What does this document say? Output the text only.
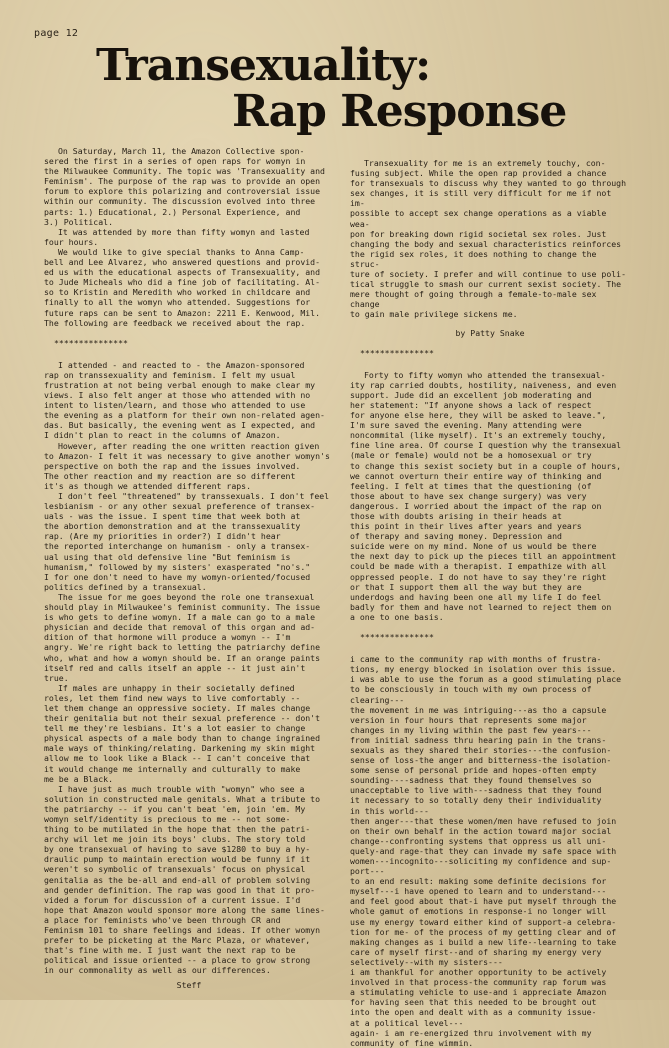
page 12
Transexuality:
Rap Response

On Saturday, March 11, the Amazon Collective spon-
sered the first in a series of open raps for womyn in
the Milwaukee Community. The topic was 'Transexuality and
Feminism'. The purpose of the rap was to provide an open
forum to explore this polarizing and controversial issue
within our community. The discussion evolved into three
parts: 1.) Educational, 2.) Personal Experience, and
3.) Political.

It was attended by more than fifty womyn and lasted
four hours.

We would like to give special thanks to Anna Camp-
bell and Lee Alvarez, who answered questions and provid-
ed us with the educational aspects of Transexuality, and
to Jude Micheals who did a fine job of facilitating. Al-
so to Kristin and Meredith who worked in childcare and
finally to all the womyn who attended. Suggestions for
future raps can be sent to Amazon: 2211 E. Kenwood, Mil.
The following are feedback we received about the rap.

***************

I attended - and reacted to - the Amazon-sponsored
rap on transsexuality and feminism. I felt my usual
frustration at not being verbal enough to make clear my
views. I also felt anger at those who attended with no
intent to listen/learn, and those who attended to use
the evening as a platform for their own non-related agen-
das. But basically, the evening went as I expected, and
I didn't plan to react in the columns of Amazon.

However, after reading the one written reaction given
to Amazon- I felt it was necessary to give another womyn's
perspective on both the rap and the issues involved.
The other reaction and my reaction are so different
it's as though we attended different raps.

I don't feel "threatened" by transsexuals. I don't feel
lesbianism - or any other sexual preference of transex-
uals - was the issue. I spent time that week both at
the abortion demonstration and at the transsexuality
rap. (Are my priorities in order?) I didn't hear
the reported interchange on humanism - only a transex-
ual using that old defensive line "But feminism is
humanism," followed by my sisters' exasperated "no's."
I for one don't need to have my womyn-oriented/focused
politics defined by a transexual.

The issue for me goes beyond the role one transexual
should play in Milwaukee's feminist community. The issue
is who gets to define womyn. If a male can go to a male
physician and decide that removal of this organ and ad-
dition of that hormone will produce a womyn -- I'm
angry. We're right back to letting the patriarchy define
who, what and how a womyn should be. If an orange paints
itself red and calls itself an apple -- it just ain't
true.

If males are unhappy in their societally defined
roles, let them find new ways to live comfortably --
let them change an oppressive society. If males change
their genitalia but not their sexual preference -- don't
tell me they're lesbians. It's a lot easier to change
physical aspects of a male body than to change ingrained
male ways of thinking/relating. Darkening my skin might
allow me to look like a Black -- I can't conceive that
it would change me internally and culturally to make
me be a Black.

I have just as much trouble with "womyn" who see a
solution in constructed male genitals. What a tribute to
the patriarchy -- if you can't beat 'em, join 'em. My
womyn self/identity is precious to me -- not some-
thing to be mutilated in the hope that then the patri-
archy wil let me join its boys' clubs. The story told
by one transexual of having to save $1280 to buy a hy-
draulic pump to maintain erection would be funny if it
weren't so symbolic of transexuals' focus on physical
genitalia as the be-all and end-all of problem solving
and gender definition. The rap was good in that it pro-
vided a forum for discussion of a current issue. I'd
hope that Amazon would sponsor more along the same lines-
a place for feminists who've been through CR and
Feminism 101 to share feelings and ideas. If other womyn
prefer to be picketing at the Marc Plaza, or whatever,
that's fine with me. I just want the next rap to be
political and issue oriented -- a place to grow strong
in our commonality as well as our differences.

Steff

Transexuality for me is an extremely touchy, con-
fusing subject. While the open rap provided a chance
for transexuals to discuss why they wanted to go through
sex changes, it is still very difficult for me if not im-
possible to accept sex change operations as a viable wea-
pon for breaking down rigid societal sex roles. Just
changing the body and sexual characteristics reinforces
the rigid sex roles, it does nothing to change the struc-
ture of society. I prefer and will continue to use poli-
tical struggle to smash our current sexist society. The
mere thought of going through a female-to-male sex change
to gain male privilege sickens me.

by Patty Snake
***************

Forty to fifty womyn who attended the transexual-
ity rap carried doubts, hostility, naiveness, and even
support. Jude did an excellent job moderating and
her statement: "If anyone shows a lack of respect
for anyone else here, they will be asked to leave.",
I'm sure saved the evening. Many attending were
noncommital (like myself). It's an extremely touchy,
fine line area. Of course I question why the transexual
(male or female) would not be a homosexual or try
to change this sexist society but in a couple of hours,
we cannot overturn their entire way of thinking and
feeling. I felt at times that the questioning (of
those about to have sex change surgery) was very
dangerous. I worried about the impact of the rap on
those with doubts arising in their heads at
this point in their lives after years and years
of therapy and saving money. Depression and
suicide were on my mind. None of us would be there
the next day to pick up the pieces till an appointment
could be made with a therapist. I empathize with all
oppressed people. I do not have to say they're right
or that I support them all the way but they are
underdogs and having been one all my life I do feel
badly for them and have not learned to reject them on
a one to one basis.

***************

i came to the community rap with months of frustra-
tions, my energy blocked in isolation over this issue.
i was able to use the forum as a good stimulating place
to be consciously in touch with my own process of
clearing---
the movement in me was intriguing---as tho a capsule
version in four hours that represents some major
changes in my living within the past few years---
from initial sadness thru hearing pain in the trans-
sexuals as they shared their stories---the confusion-
sense of loss-the anger and bitterness-the isolation-
some sense of personal pride and hopes-often empty
sounding----sadness that they found themselves so
unacceptable to live with---sadness that they found
it necessary to so totally deny their individuality
in this world---
then anger---that these women/men have refused to join
on their own behalf in the action toward major social
change--confronting systems that oppress us all uni-
quely-and rage-that they can invade my safe space with
women---incognito---soliciting my confidence and sup-
port---
to an end result: making some definite decisions for
myself---i have opened to learn and to understand---
and feel good about that-i have put myself through the
whole gamut of emotions in response-i no longer will
use my energy toward either kind of support-a celebra-
tion for me- of the process of my getting clear and of
making changes as i build a new life--learning to take
care of myself first--and of sharing my energy very
selectively--with my sisters---
i am thankful for another opportunity to be actively
involved in that process-the community rap forum was
a stimulating vehicle to use-and i appreciate Amazon
for having seen that this needed to be brought out
into the open and dealt with as a community issue-
at a political level---
again- i am re-energized thru involvement with my
community of fine wimmin.
